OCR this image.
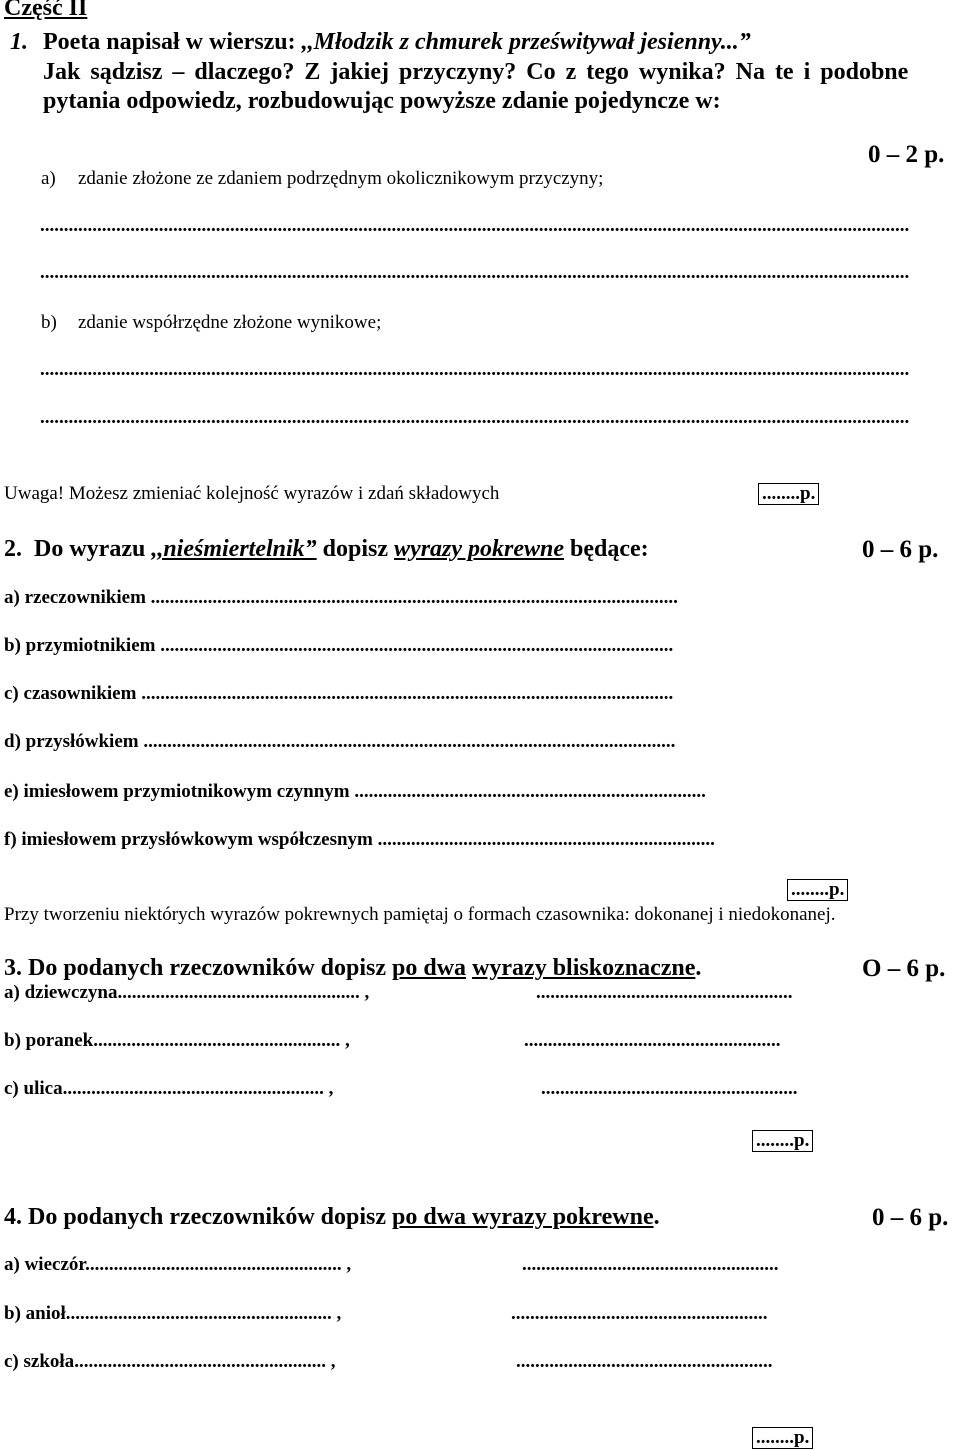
Część II
1. Poeta napisał w wierszu: ,,Młodzik z chmurek prześwitywał jesienny...”
Jak sądzisz – dlaczego? Z jakiej przyczyny? Co z tego wynika? Na te i podobne
pytania odpowiedz, rozbudowując powyższe zdanie pojedyncze w:
0 – 2 p.
a) zdanie złożone ze zdaniem podrzędnym okolicznikowym przyczyny;
.......................................................................................................................................................................................
.......................................................................................................................................................................................
b) zdanie współrzędne złożone wynikowe;
.......................................................................................................................................................................................
.......................................................................................................................................................................................
Uwaga! Możesz zmieniać kolejność wyrazów i zdań składowych	........p.
2. Do wyrazu ,,nieśmiertelnik” dopisz wyrazy pokrewne będące:	0 – 6 p.
a) rzeczownikiem ...............................................................................................................
b) przymiotnikiem ............................................................................................................
c) czasownikiem ................................................................................................................
d) przysłówkiem ................................................................................................................
e) imiesłowem przymiotnikowym czynnym ..........................................................................
f) imiesłowem przysłówkowym współczesnym .......................................................................
........p.
Przy tworzeniu niektórych wyrazów pokrewnych pamiętaj o formach czasownika: dokonanej i niedokonanej.
3. Do podanych rzeczowników dopisz po dwa wyrazy bliskoznaczne.	O – 6 p.
a) dziewczyna................................................... ,	......................................................
b) poranek.................................................... ,	......................................................
c) ulica....................................................... ,	......................................................
........p.
4. Do podanych rzeczowników dopisz po dwa wyrazy pokrewne.	0 – 6 p.
a) wieczór...................................................... ,	......................................................
b) anioł........................................................ ,	......................................................
c) szkoła..................................................... ,	......................................................
........p.
